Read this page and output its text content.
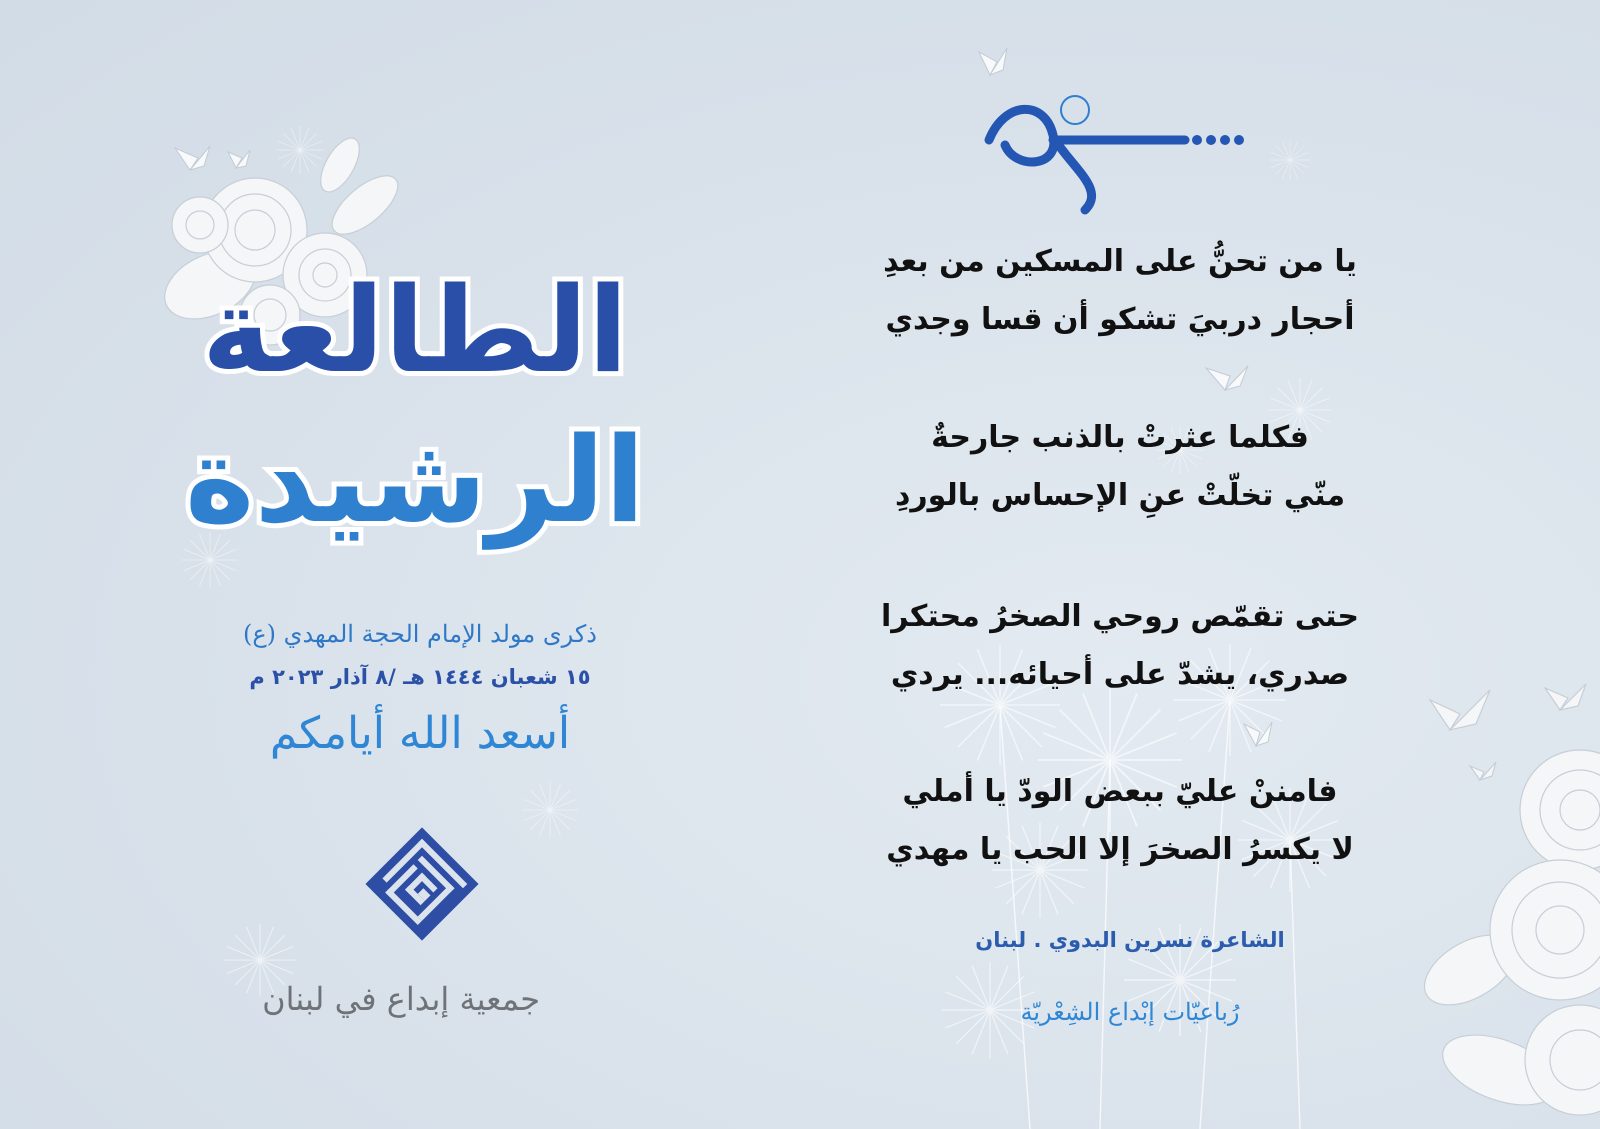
الطالعة
الرشيدة
ذكرى مولد الإمام الحجة المهدي (ع)
١٥ شعبان ١٤٤٤ هـ /٨ آذار ٢٠٢٣ م
أسعد الله أيامكم
جمعية إبداع في لبنان
يا من تحنُّ على المسكين من بعدِ
أحجار دربيَ تشكو أن قسا وجدي
فكلما عثرتْ بالذنب جارحةٌ
منّي تخلّتْ عنِ الإحساس بالوردِ
حتى تقمّص روحي الصخرُ محتكرا
صدري، يشدّ على أحيائه... يردي
فامننْ عليّ ببعض الودّ يا أملي
لا يكسرُ الصخرَ إلا الحب يا مهدي
الشاعرة نسرين البدوي . لبنان
رُباعيّات إبْداع الشِعْريّة
